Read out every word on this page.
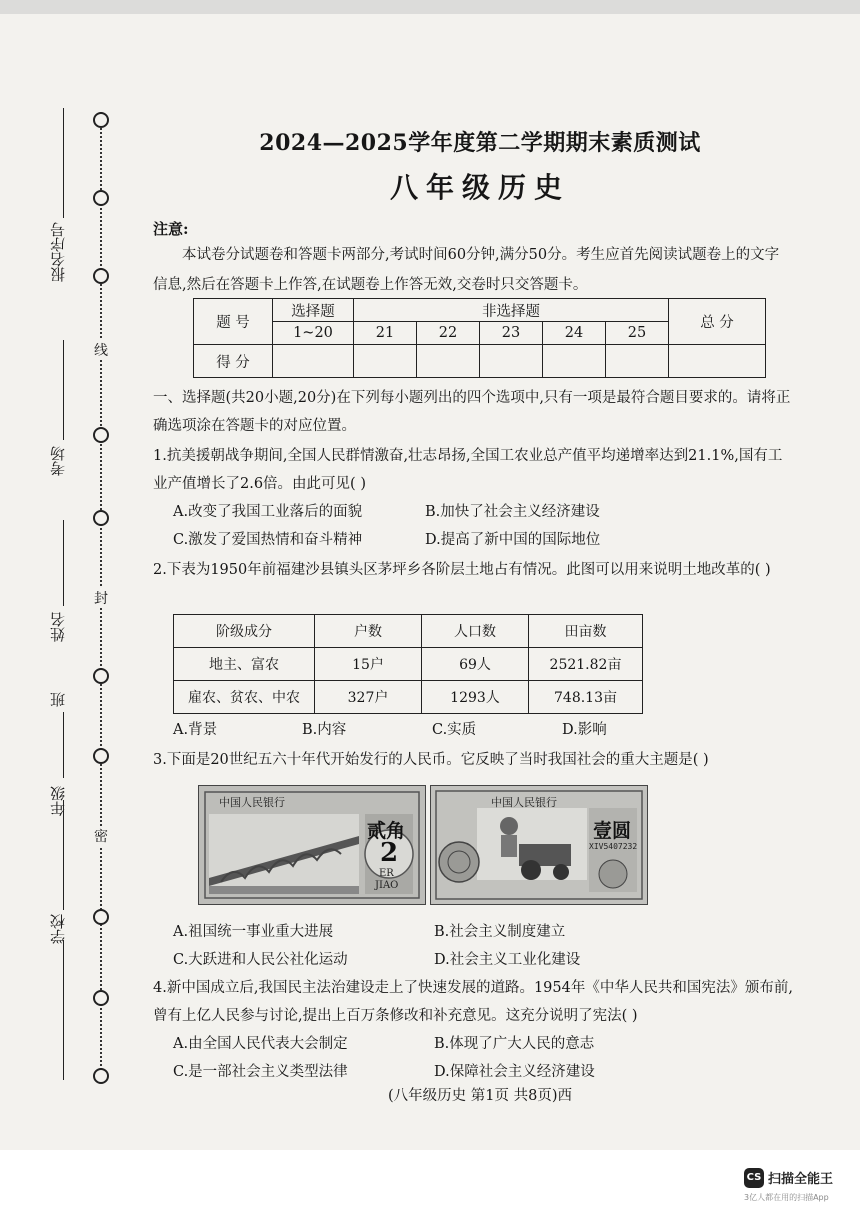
线
封
密
报名序号
考场
姓名
班
年级
学校
2024—2025学年度第二学期期末素质测试
八年级历史
注意:
本试卷分试题卷和答题卡两部分,考试时间60分钟,满分50分。考生应首先阅读试题卷上的文字信息,然后在答题卡上作答,在试题卷上作答无效,交卷时只交答题卡。
题 号	选择题	非选择题					总 分
	1~20	21	22	23	24	25	
得 分							
一、选择题(共20小题,20分)在下列每小题列出的四个选项中,只有一项是最符合题目要求的。请将正确选项涂在答题卡的对应位置。
1.抗美援朝战争期间,全国人民群情激奋,壮志昂扬,全国工农业总产值平均递增率达到21.1%,国有工业产值增长了2.6倍。由此可见( )
A.改变了我国工业落后的面貌	B.加快了社会主义经济建设
C.激发了爱国热情和奋斗精神	D.提高了新中国的国际地位
2.下表为1950年前福建沙县镇头区茅坪乡各阶层土地占有情况。此图可以用来说明土地改革的( )
阶级成分	户数	人口数	田亩数
地主、富农	15户	69人	2521.82亩
雇农、贫农、中农	327户	1293人	748.13亩
A.背景	B.内容	C.实质	D.影响
3.下面是20世纪五六十年代开始发行的人民币。它反映了当时我国社会的重大主题是( )
中国人民银行
贰角
2
ER
JIAO
中国人民银行
壹圆
XIV5407232
A.祖国统一事业重大进展	B.社会主义制度建立
C.大跃进和人民公社化运动	D.社会主义工业化建设
4.新中国成立后,我国民主法治建设走上了快速发展的道路。1954年《中华人民共和国宪法》颁布前,曾有上亿人民参与讨论,提出上百万条修改和补充意见。这充分说明了宪法( )
A.由全国人民代表大会制定	B.体现了广大人民的意志
C.是一部社会主义类型法律	D.保障社会主义经济建设
(八年级历史 第1页 共8页)西
CS 扫描全能王
3亿人都在用的扫描App
